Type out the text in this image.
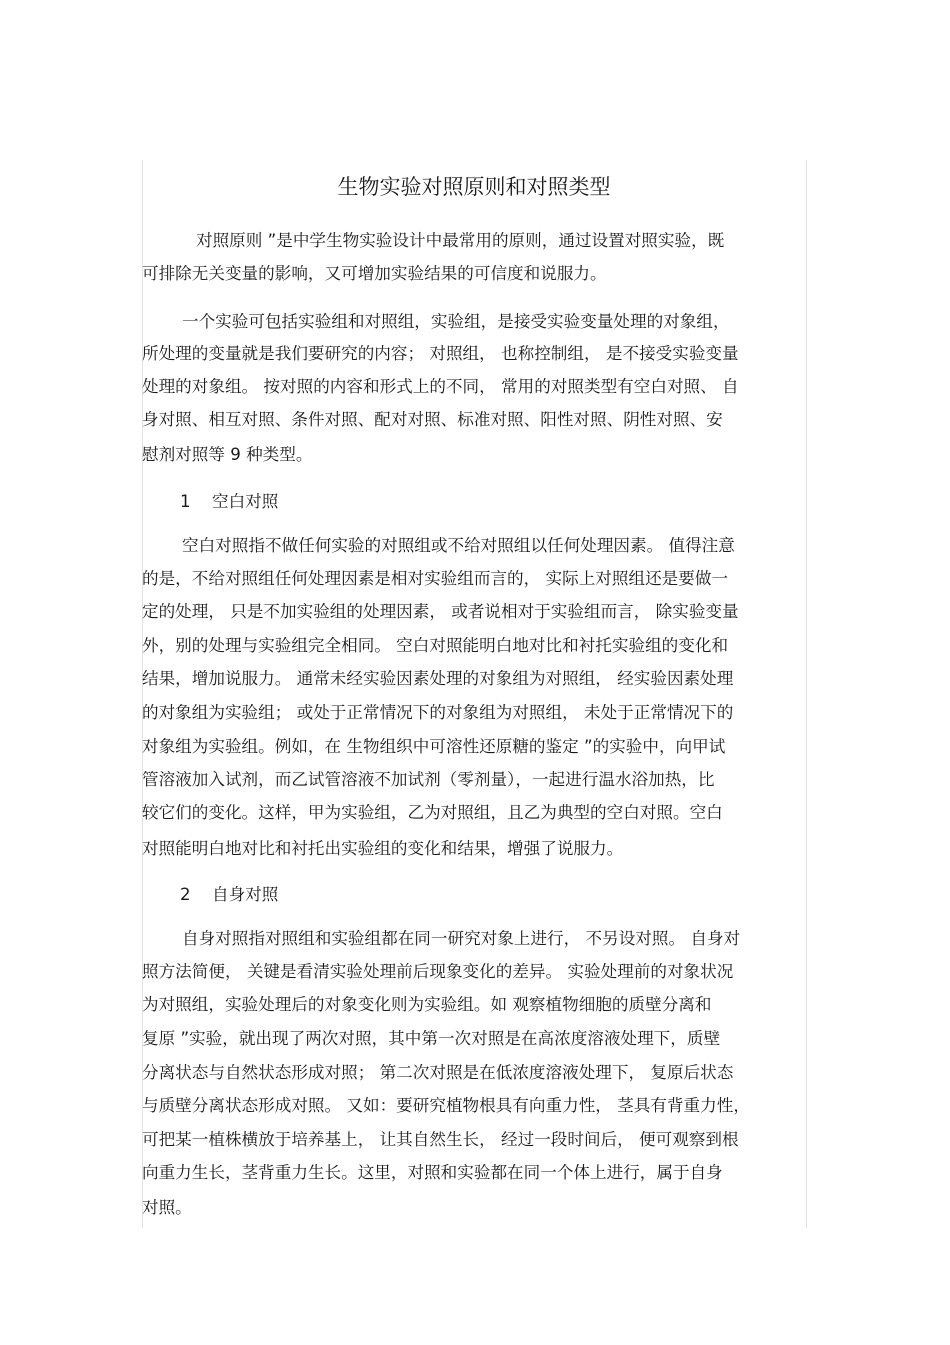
生物实验对照原则和对照类型
对照原则 ”是中学生物实验设计中最常用的原则，通过设置对照实验，既
可排除无关变量的影响，又可增加实验结果的可信度和说服力。
一个实验可包括实验组和对照组，实验组，是接受实验变量处理的对象组，
所处理的变量就是我们要研究的内容； 对照组， 也称控制组， 是不接受实验变量
处理的对象组。 按对照的内容和形式上的不同， 常用的对照类型有空白对照、 自
身对照、相互对照、条件对照、配对对照、标准对照、阳性对照、阴性对照、安
慰剂对照等 9 种类型。
1 空白对照
空白对照指不做任何实验的对照组或不给对照组以任何处理因素。 值得注意
的是，不给对照组任何处理因素是相对实验组而言的， 实际上对照组还是要做一
定的处理， 只是不加实验组的处理因素， 或者说相对于实验组而言， 除实验变量
外，别的处理与实验组完全相同。 空白对照能明白地对比和衬托实验组的变化和
结果，增加说服力。 通常未经实验因素处理的对象组为对照组， 经实验因素处理
的对象组为实验组； 或处于正常情况下的对象组为对照组， 未处于正常情况下的
对象组为实验组。例如，在 生物组织中可溶性还原糖的鉴定 ”的实验中，向甲试
管溶液加入试剂，而乙试管溶液不加试剂（零剂量），一起进行温水浴加热，比
较它们的变化。这样，甲为实验组，乙为对照组，且乙为典型的空白对照。空白
对照能明白地对比和衬托出实验组的变化和结果，增强了说服力。
2 自身对照
自身对照指对照组和实验组都在同一研究对象上进行， 不另设对照。 自身对
照方法简便， 关键是看清实验处理前后现象变化的差异。 实验处理前的对象状况
为对照组，实验处理后的对象变化则为实验组。如 观察植物细胞的质壁分离和
复原 ”实验，就出现了两次对照，其中第一次对照是在高浓度溶液处理下，质壁
分离状态与自然状态形成对照； 第二次对照是在低浓度溶液处理下， 复原后状态
与质壁分离状态形成对照。 又如：要研究植物根具有向重力性， 茎具有背重力性，
可把某一植株横放于培养基上， 让其自然生长， 经过一段时间后， 便可观察到根
向重力生长，茎背重力生长。这里，对照和实验都在同一个体上进行，属于自身
对照。
